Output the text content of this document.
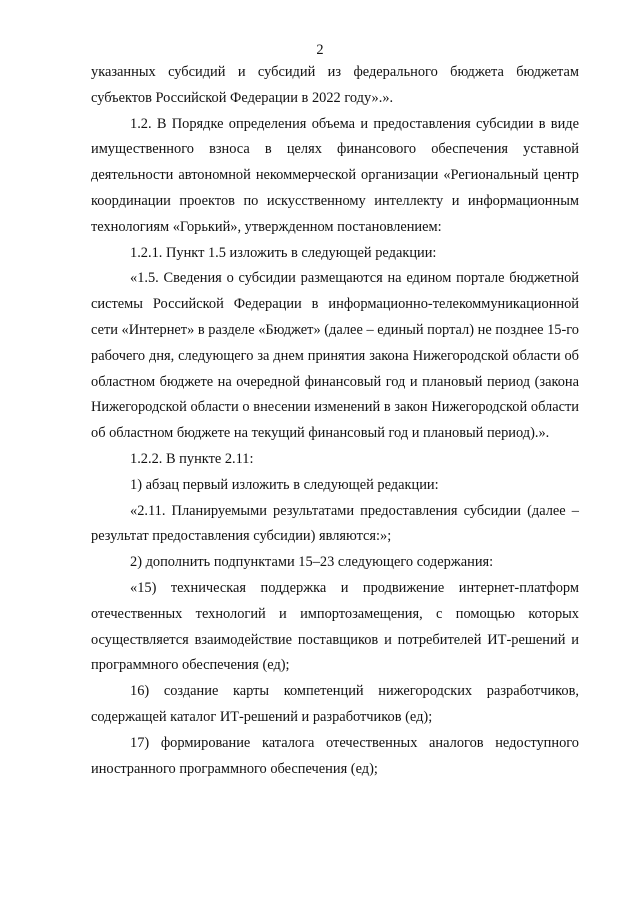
2

указанных субсидий и субсидий из федерального бюджета бюджетам субъектов Российской Федерации в 2022 году».».

1.2. В Порядке определения объема и предоставления субсидии в виде имущественного взноса в целях финансового обеспечения уставной деятельности автономной некоммерческой организации «Региональный центр координации проектов по искусственному интеллекту и информационным технологиям «Горький», утвержденном постановлением:

1.2.1. Пункт 1.5 изложить в следующей редакции:

«1.5. Сведения о субсидии размещаются на едином портале бюджетной системы Российской Федерации в информационно-телекоммуникационной сети «Интернет» в разделе «Бюджет» (далее – единый портал) не позднее 15-го рабочего дня, следующего за днем принятия закона Нижегородской области об областном бюджете на очередной финансовый год и плановый период (закона Нижегородской области о внесении изменений в закон Нижегородской области об областном бюджете на текущий финансовый год и плановый период).».

1.2.2. В пункте 2.11:

1) абзац первый изложить в следующей редакции:

«2.11. Планируемыми результатами предоставления субсидии (далее – результат предоставления субсидии) являются:»;

2) дополнить подпунктами 15–23 следующего содержания:

«15) техническая поддержка и продвижение интернет-платформ отечественных технологий и импортозамещения, с помощью которых осуществляется взаимодействие поставщиков и потребителей ИТ-решений и программного обеспечения (ед);

16) создание карты компетенций нижегородских разработчиков, содержащей каталог ИТ-решений и разработчиков (ед);

17) формирование каталога отечественных аналогов недоступного иностранного программного обеспечения (ед);
